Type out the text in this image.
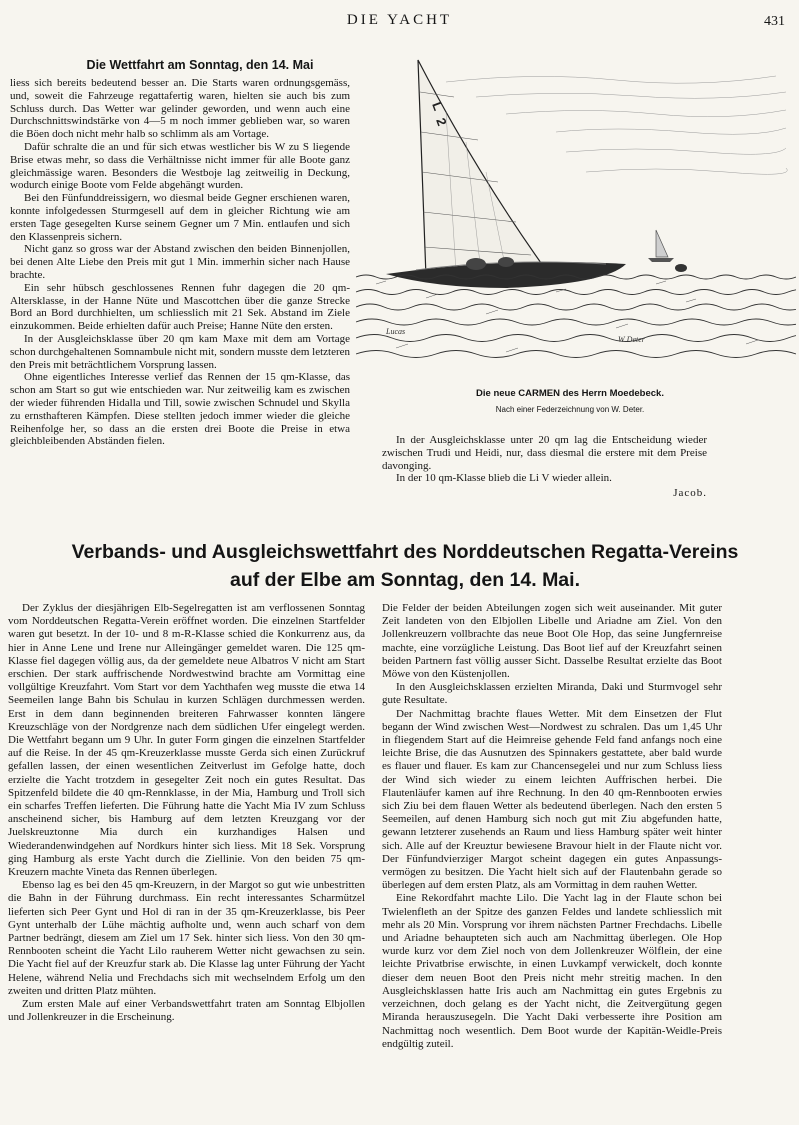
DIE YACHT	431
Die Wettfahrt am Sonntag, den 14. Mai

liess sich bereits bedeutend besser an. Die Starts waren ordnungsgemäss, und, soweit die Fahrzeuge regattafertig waren, hielten sie auch bis zum Schluss durch. Das Wetter war gelinder geworden, und wenn auch eine Durchschnittswindstärke von 4—5 m noch immer geblieben war, so waren die Böen doch nicht mehr halb so schlimm als am Vortage.

Dafür schralte die an und für sich etwas westlicher bis W zu S liegende Brise etwas mehr, so dass die Verhältnisse nicht immer für alle Boote ganz gleichmässige waren. Besonders die Westboje lag zeitweilig in Deckung, wodurch einige Boote vom Felde abgehängt wurden.

Bei den Fünfunddreissigern, wo diesmal beide Gegner erschienen waren, konnte infolgedessen Sturmgesell auf dem in gleicher Richtung wie am ersten Tage gesegelten Kurse seinem Gegner um 7 Min. entlaufen und sich den Klassenpreis sichern.

Nicht ganz so gross war der Abstand zwischen den beiden Binnenjollen, bei denen Alte Liebe den Preis mit gut 1 Min. immerhin sicher nach Hause brachte.

Ein sehr hübsch geschlossenes Rennen fuhr dagegen die 20 qm-Altersklasse, in der Hanne Nüte und Mascottchen über die ganze Strecke Bord an Bord durchhielten, um schliesslich mit 21 Sek. Abstand im Ziele einzukommen. Beide erhielten dafür auch Preise; Hanne Nüte den ersten.

In der Ausgleichsklasse über 20 qm kam Maxe mit dem am Vortage schon durchgehaltenen Somnambule nicht mit, sondern musste dem letzteren den Preis mit beträchtlichem Vorsprung lassen.

Ohne eigentliches Interesse verlief das Rennen der 15 qm-Klasse, das schon am Start so gut wie entschieden war. Nur zeitweilig kam es zwischen der wieder führenden Hidalla und Till, sowie zwischen Schnudel und Skylla zu ernsthafteren Kämpfen. Diese stellten jedoch immer wieder die gleiche Reihenfolge her, so dass an die ersten drei Boote die Preise in etwa gleichbleibenden Abständen fielen.

L
2
Lucas
W Deter
Die neue CARMEN des Herrn Moedebeck.
Nach einer Federzeichnung von W. Deter.

In der Ausgleichsklasse unter 20 qm lag die Entscheidung wieder zwischen Trudi und Heidi, nur, dass diesmal die erstere mit dem Preise davonging.

In der 10 qm-Klasse blieb die Li V wieder allein.

Jacob.
Verbands- und Ausgleichswettfahrt des Norddeutschen Regatta-Vereins
auf der Elbe am Sonntag, den 14. Mai.

Der Zyklus der diesjährigen Elb-Segelregatten ist am verflossenen Sonntag vom Norddeutschen Regatta-Verein eröffnet worden. Die einzelnen Startfelder waren gut besetzt. In der 10- und 8 m-R-Klasse schied die Konkurrenz aus, da hier in Anne Lene und Irene nur Alleingänger gemeldet waren. Die 125 qm-Klasse fiel dagegen völlig aus, da der gemeldete neue Albatros V nicht am Start erschien. Der stark auffrischende Nordwestwind brachte am Vormittag eine vollgültige Kreuzfahrt. Vom Start vor dem Yachthafen weg musste die etwa 14 Seemeilen lange Bahn bis Schulau in kurzen Schlägen durchmessen werden. Erst in dem dann beginnenden breiteren Fahrwasser konnten längere Kreuzschläge von der Nordgrenze nach dem südlichen Ufer eingelegt werden. Die Wettfahrt begann um 9 Uhr. In guter Form gingen die einzelnen Startfelder auf die Reise. In der 45 qm-Kreuzerklasse musste Gerda sich einen Zurückruf gefallen lassen, der einen wesentlichen Zeitverlust im Gefolge hatte, doch erzielte die Yacht trotzdem in gesegelter Zeit noch ein gutes Resultat. Das Spitzenfeld bildete die 40 qm-Rennklasse, in der Mia, Hamburg und Troll sich ein scharfes Treffen lieferten. Die Führung hatte die Yacht Mia IV zum Schluss anscheinend sicher, bis Hamburg auf dem letzten Kreuzgang vor der Juelskreuztonne Mia durch ein kurzhandiges Halsen und Wiederandenwindgehen auf Nordkurs hinter sich liess. Mit 18 Sek. Vorsprung ging Hamburg als erste Yacht durch die Ziellinie. Von den beiden 75 qm-Kreuzern machte Vineta das Rennen überlegen.

Ebenso lag es bei den 45 qm-Kreuzern, in der Margot so gut wie unbestritten die Bahn in der Führung durchmass. Ein recht interessantes Scharmützel lieferten sich Peer Gynt und Hol di ran in der 35 qm-Kreuzerklasse, bis Peer Gynt unterhalb der Lühe mächtig aufholte und, wenn auch scharf von dem Partner bedrängt, diesem am Ziel um 17 Sek. hinter sich liess. Von den 30 qm-Rennbooten scheint die Yacht Lilo rauherem Wetter nicht gewachsen zu sein. Die Yacht fiel auf der Kreuzfur stark ab. Die Klasse lag unter Führung der Yacht Helene, während Nelia und Frechdachs sich mit wechselndem Erfolg um den zweiten und dritten Platz mühten.

Zum ersten Male auf einer Verbandswettfahrt traten am Sonntag Elbjollen und Jollenkreuzer in die Erscheinung.

Die Felder der beiden Abteilungen zogen sich weit auseinander. Mit guter Zeit landeten von den Elbjollen Libelle und Ariadne am Ziel. Von den Jollenkreuzern vollbrachte das neue Boot Ole Hop, das seine Jungfernreise machte, eine vorzügliche Leistung. Das Boot lief auf der Kreuzfahrt seinen beiden Partnern fast völlig ausser Sicht. Dasselbe Resultat erzielte das Boot Möwe von den Küstenjollen.

In den Ausgleichsklassen erzielten Miranda, Daki und Sturmvogel sehr gute Resultate.

Der Nachmittag brachte flaues Wetter. Mit dem Einsetzen der Flut begann der Wind zwischen West—Nordwest zu schralen. Das um 1,45 Uhr in fliegendem Start auf die Heimreise gehende Feld fand anfangs noch eine leichte Brise, die das Ausnutzen des Spinnakers gestattete, aber bald wurde es flauer und flauer. Es kam zur Chancensegelei und nur zum Schluss liess der Wind sich wieder zu einem leichten Auffrischen herbei. Die Flautenläufer kamen auf ihre Rechnung. In den 40 qm-Rennbooten erwies sich Ziu bei dem flauen Wetter als bedeutend überlegen. Nach den ersten 5 Seemeilen, auf denen Hamburg sich noch gut mit Ziu abgefunden hatte, gewann letzterer zusehends an Raum und liess Hamburg später weit hinter sich. Alle auf der Kreuztur bewiesene Bravour hielt in der Flaute nicht vor. Der Fünfundvierziger Margot scheint dagegen ein gutes Anpassungsvermögen zu besitzen. Die Yacht hielt sich auf der Flautenbahn gerade so überlegen auf dem ersten Platz, als am Vormittag in dem rauhen Wetter.

Eine Rekordfahrt machte Lilo. Die Yacht lag in der Flaute schon bei Twielenfleth an der Spitze des ganzen Feldes und landete schliesslich mit mehr als 20 Min. Vorsprung vor ihrem nächsten Partner Frechdachs. Libelle und Ariadne behaupteten sich auch am Nachmittag überlegen. Ole Hop wurde kurz vor dem Ziel noch von dem Jollenkreuzer Wölflein, der eine leichte Privatbrise erwischte, in einen Luvkampf verwickelt, doch konnte dieser dem neuen Boot den Preis nicht mehr streitig machen. In den Ausgleichsklassen hatte Iris auch am Nachmittag ein gutes Ergebnis zu verzeichnen, doch gelang es der Yacht nicht, die Zeitvergütung gegen Miranda herauszusegeln. Die Yacht Daki verbesserte ihre Position am Nachmittag noch wesentlich. Dem Boot wurde der Kapitän-Weidle-Preis endgültig zuteil.
